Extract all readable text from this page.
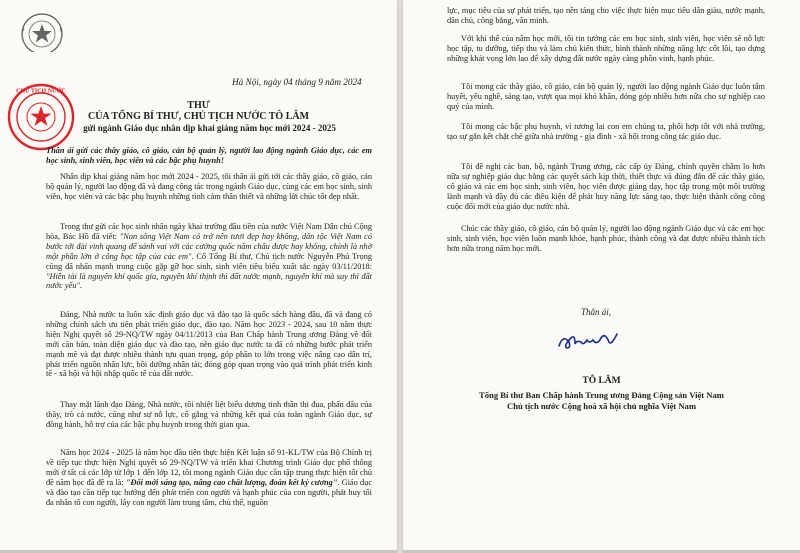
CHỦ TỊCH NƯỚC
Hà Nội, ngày 04 tháng 9 năm 2024
THƯ
CỦA TỔNG BÍ THƯ, CHỦ TỊCH NƯỚC TÔ LÂM
gửi ngành Giáo dục nhân dịp khai giảng năm học mới 2024 - 2025

Thân ái gửi các thầy giáo, cô giáo, cán bộ quản lý, người lao động ngành Giáo dục, các em học sinh, sinh viên, học viên và các bậc phụ huynh!

Nhân dịp khai giảng năm học mới 2024 - 2025, tôi thân ái gửi tới các thầy giáo, cô giáo, cán bộ quản lý, người lao động đã và đang công tác trong ngành Giáo dục, cùng các em học sinh, sinh viên, học viên và các bậc phụ huynh những tình cảm thân thiết và những lời chúc tốt đẹp nhất.

Trong thư gửi các học sinh nhân ngày khai trường đầu tiên của nước Việt Nam Dân chủ Cộng hòa, Bác Hồ đã viết: "Non sông Việt Nam có trở nên tươi đẹp hay không, dân tộc Việt Nam có bước tới đài vinh quang để sánh vai với các cường quốc năm châu được hay không, chính là nhờ một phần lớn ở công học tập của các em". Cố Tổng Bí thư, Chủ tịch nước Nguyễn Phú Trọng cũng đã nhấn mạnh trong cuộc gặp gỡ học sinh, sinh viên tiêu biểu xuất sắc ngày 03/11/2018: "Hiền tài là nguyên khí quốc gia, nguyên khí thịnh thì đất nước mạnh, nguyên khí mà suy thì đất nước yếu".

Đảng, Nhà nước ta luôn xác định giáo dục và đào tạo là quốc sách hàng đầu, đã và đang có những chính sách ưu tiên phát triển giáo dục, đào tạo. Năm học 2023 - 2024, sau 10 năm thực hiện Nghị quyết số 29-NQ/TW ngày 04/11/2013 của Ban Chấp hành Trung ương Đảng về đổi mới căn bản, toàn diện giáo dục và đào tạo, nền giáo dục nước ta đã có những bước phát triển mạnh mẽ và đạt được nhiều thành tựu quan trọng, góp phần to lớn trong việc nâng cao dân trí, phát triển nguồn nhân lực, bồi dưỡng nhân tài; đóng góp quan trọng vào quá trình phát triển kinh tế - xã hội và hội nhập quốc tế của đất nước.

Thay mặt lãnh đạo Đảng, Nhà nước, tôi nhiệt liệt biểu dương tinh thần thi đua, phấn đấu của thầy, trò cả nước, cũng như sự nỗ lực, cố gắng và những kết quả của toàn ngành Giáo dục, sự đồng hành, hỗ trợ của các bậc phụ huynh trong thời gian qua.

Năm học 2024 - 2025 là năm học đầu tiên thực hiện Kết luận số 91-KL/TW của Bộ Chính trị về tiếp tục thực hiện Nghị quyết số 29-NQ/TW và triển khai Chương trình Giáo dục phổ thông mới ở tất cả các lớp từ lớp 1 đến lớp 12, tôi mong ngành Giáo dục cần tập trung thực hiện tốt chủ đề năm học đã đề ra là: "Đổi mới sáng tạo, nâng cao chất lượng, đoàn kết kỷ cương". Giáo dục và đào tạo cần tiếp tục hướng đến phát triển con người và hạnh phúc của con người, phát huy tối đa nhân tố con người, lấy con người làm trung tâm, chủ thể, nguồn

lực, mục tiêu của sự phát triển, tạo nền tảng cho việc thực hiện mục tiêu dân giàu, nước mạnh, dân chủ, công bằng, văn minh.

Với khí thế của năm học mới, tôi tin tưởng các em học sinh, sinh viên, học viên sẽ nỗ lực học tập, tu dưỡng, tiếp thu và làm chủ kiến thức, hình thành những năng lực cốt lõi, tạo dựng những khát vọng lớn lao để xây dựng đất nước ngày càng phồn vinh, hạnh phúc.

Tôi mong các thầy giáo, cô giáo, cán bộ quản lý, người lao động ngành Giáo dục luôn tâm huyết, yêu nghề, sáng tạo, vượt qua mọi khó khăn, đóng góp nhiều hơn nữa cho sự nghiệp cao quý của mình.

Tôi mong các bậc phụ huynh, vì tương lai con em chúng ta, phối hợp tốt với nhà trường, tạo sự gắn kết chặt chẽ giữa nhà trường - gia đình - xã hội trong công tác giáo dục.

Tôi đề nghị các ban, bộ, ngành Trung ương, các cấp ủy Đảng, chính quyền chăm lo hơn nữa sự nghiệp giáo dục bằng các quyết sách kịp thời, thiết thực và đúng đắn để các thầy giáo, cô giáo và các em học sinh, sinh viên, học viên được giảng dạy, học tập trong một môi trường lành mạnh và đầy đủ các điều kiện để phát huy năng lực sáng tạo, thực hiện thành công công cuộc đổi mới của giáo dục nước nhà.

Chúc các thầy giáo, cô giáo, cán bộ quản lý, người lao động ngành Giáo dục và các em học sinh, sinh viên, học viên luôn mạnh khỏe, hạnh phúc, thành công và đạt được nhiều thành tích hơn nữa trong năm học mới.

Thân ái,
TÔ LÂM
Tổng Bí thư Ban Chấp hành Trung ương Đảng Cộng sản Việt Nam
Chủ tịch nước Cộng hoà xã hội chủ nghĩa Việt Nam
